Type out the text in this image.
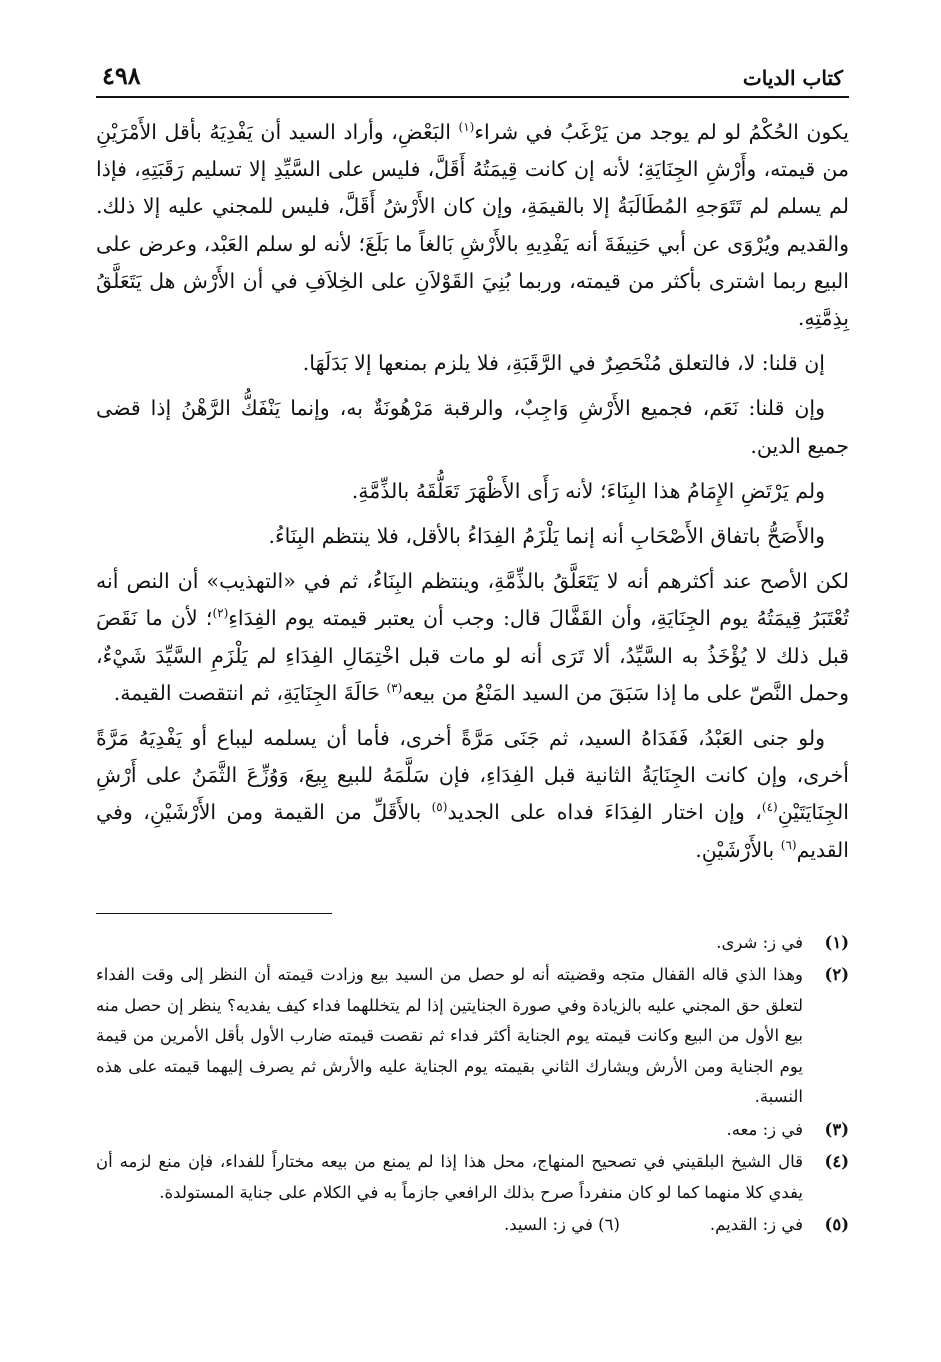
كتاب الديات
٤٩٨

يكون الحُكْمُ لو لم يوجد من يَرْغَبُ في شراء$^{(١)}$ البَعْضِ، وأراد السيد أن يَفْدِيَهُ بأقل الأَمْرَيْنِ من قيمته، وأَرْشِ الجِنَايَةِ؛ لأنه إن كانت قِيمَتُهُ أَقَلَّ، فليس على السَّيِّدِ إلا تسليم رَقَبَتِهِ، فإذا لم يسلم لم تَتَوَجهِ المُطَالَبَةُ إلا بالقيمَةِ، وإن كان الأَرْشُ أَقَلَّ، فليس للمجني عليه إلا ذلك. والقديم ويُرْوَى عن أبي حَنِيفَةَ أنه يَفْدِيهِ بالأَرْشِ بَالغاً ما بَلَغَ؛ لأنه لو سلم العَبْد، وعرض على البيع ربما اشترى بأكثر من قيمته، وربما بُنِيَ القَوْلاَنِ على الخِلاَفِ في أن الأَرْش هل يَتَعَلَّقُ بِذِمَّتِهِ.

إن قلنا: لا، فالتعلق مُنْحَصِرٌ في الرَّقَبَةِ، فلا يلزم بمنعها إلا بَدَلَهَا.

وإن قلنا: نَعَم، فجميع الأَرْشِ وَاجِبٌ، والرقبة مَرْهُونَةٌ به، وإنما يَنْفَكُّ الرَّهْنُ إذا قضى جميع الدين.

ولم يَرْتَضِ الإِمَامُ هذا البِنَاءَ؛ لأنه رَأَى الأَظْهَرَ تَعَلُّقَهُ بالذِّمَّةِ.

والأَصَحُّ باتفاق الأَصْحَابِ أنه إنما يَلْزَمُ الفِدَاءُ بالأقل، فلا ينتظم البِنَاءُ.

لكن الأصح عند أكثرهم أنه لا يَتَعَلَّقُ بالذِّمَّةِ، وينتظم البِنَاءُ، ثم في «التهذيب» أن النص أنه تُعْتَبَرُ قِيمَتُهُ يوم الجِنَايَةِ، وأن القَفَّالَ قال: وجب أن يعتبر قيمته يوم الفِدَاءِ$^{(٢)}$؛ لأن ما نَقَصَ قبل ذلك لا يُؤْخَذُ به السَّيِّدُ، ألا تَرَى أنه لو مات قبل اخْتِمَالِ الفِدَاءِ لم يَلْزَمِ السَّيِّدَ شَيْءٌ، وحمل النَّصّ على ما إذا سَبَقَ من السيد المَنْعُ من بيعه$^{(٣)}$ حَالَةَ الجِنَايَةِ، ثم انتقصت القيمة.

ولو جنى العَبْدُ، فَفَدَاهُ السيد، ثم جَنَى مَرَّةً أخرى، فأما أن يسلمه ليباع أو يَفْدِيَهُ مَرَّةً أخرى، وإن كانت الجِنَايَةُ الثانية قبل الفِدَاءِ، فإن سَلَّمَهُ للبيع بِيعَ، وَوُزِّعَ الثَّمَنُ على أَرْشِ الجِنَايَتَيْنِ$^{(٤)}$، وإن اختار الفِدَاءَ فداه على الجديد$^{(٥)}$ بالأَقَلِّ من القيمة ومن الأَرْشَيْنِ، وفي القديم$^{(٦)}$ بالأَرْشَيْنِ.

(١)
في ز: شرى.
(٢)
وهذا الذي قاله القفال متجه وقضيته أنه لو حصل من السيد بيع وزادت قيمته أن النظر إلى وقت الفداء لتعلق حق المجني عليه بالزيادة وفي صورة الجنايتين إذا لم يتخللهما فداء كيف يفديه؟ ينظر إن حصل منه بيع الأول من البيع وكانت قيمته يوم الجناية أكثر فداء ثم نقصت قيمته ضارب الأول بأقل الأمرين من قيمة يوم الجناية ومن الأرش ويشارك الثاني بقيمته يوم الجناية عليه والأرش ثم يصرف إليهما قيمته على هذه النسبة.
(٣)
في ز: معه.
(٤)
قال الشيخ البلقيني في تصحيح المنهاج، محل هذا إذا لم يمنع من بيعه مختاراً للفداء، فإن منع لزمه أن يفدي كلا منهما كما لو كان منفرداً صرح بذلك الرافعي جازماً به في الكلام على جناية المستولدة.
(٥)
في ز: القديم.
(٦) في ز: السيد.
